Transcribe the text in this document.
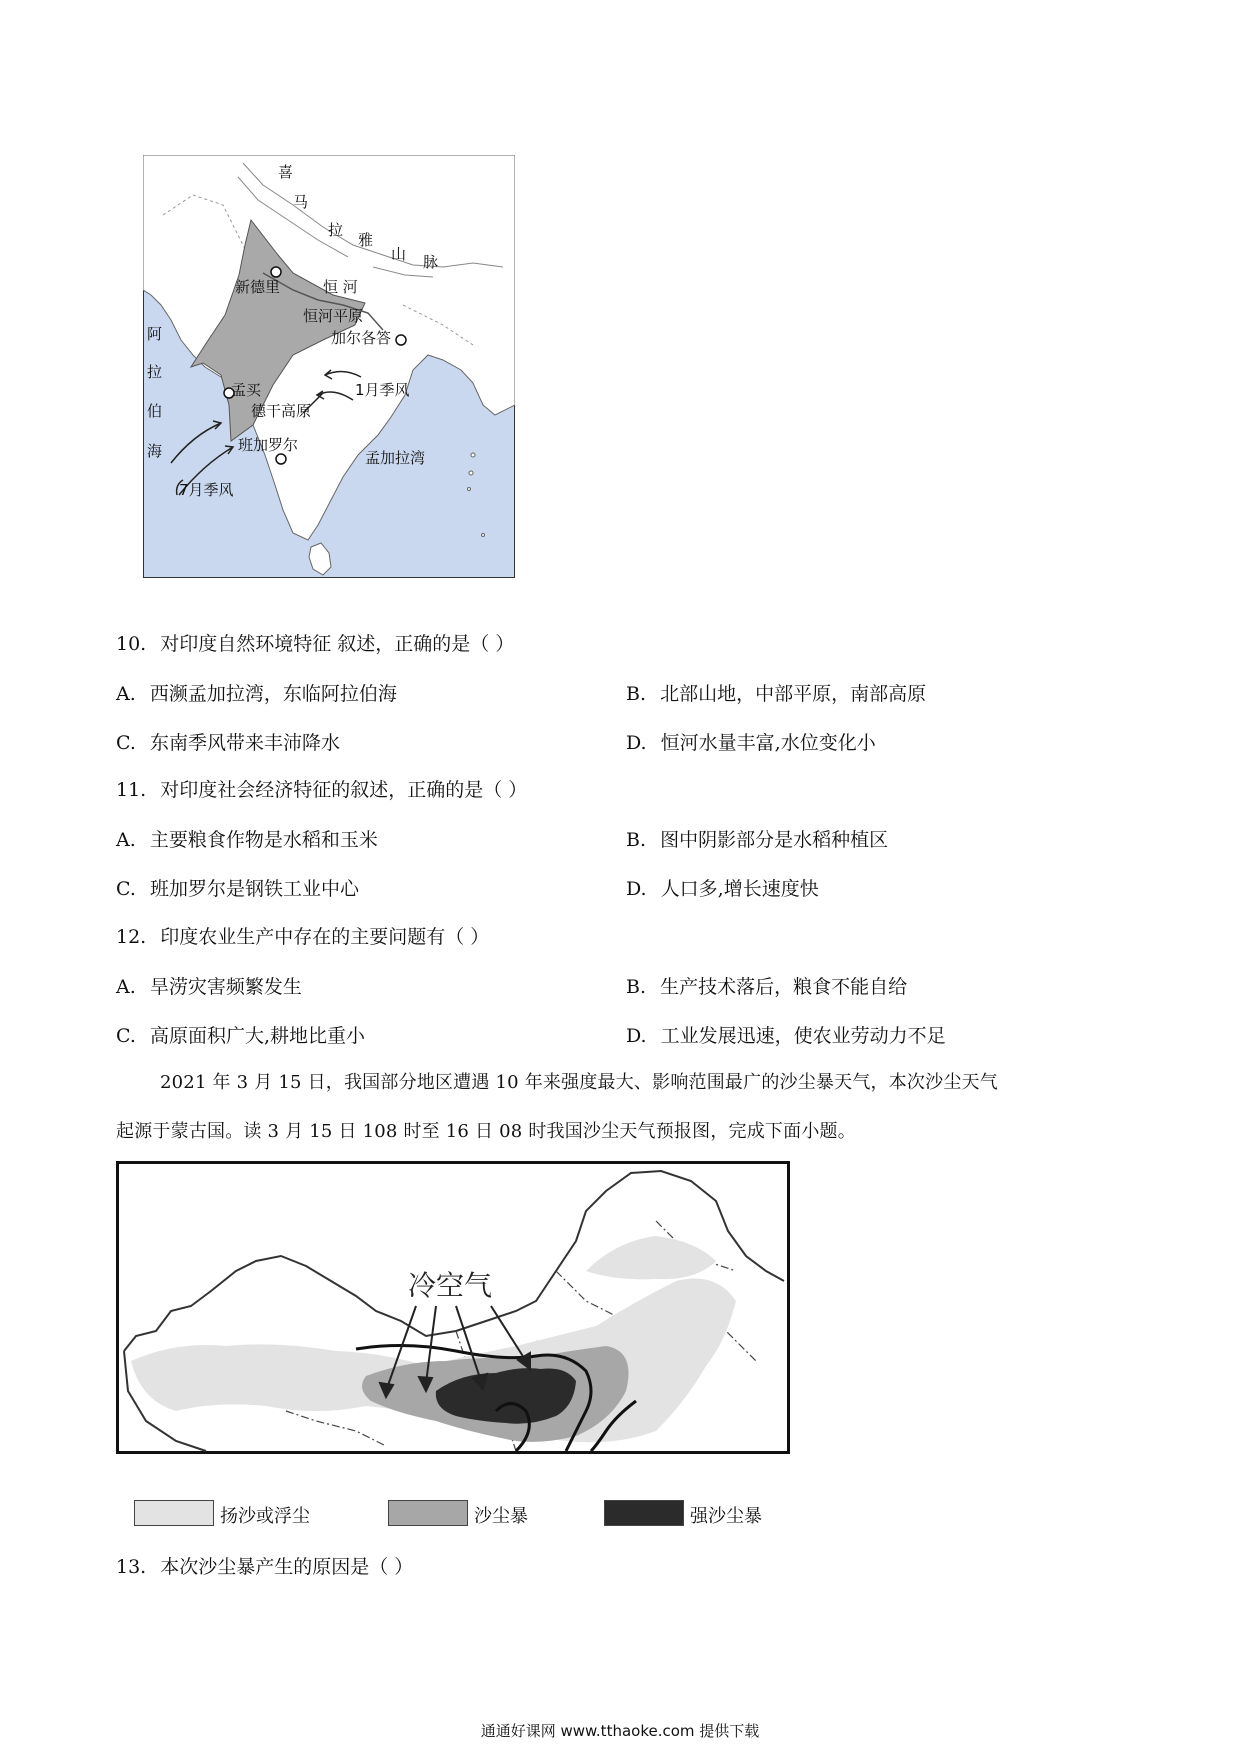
喜
马
拉
雅
山 脉
新德里	恒 河
恒河平原
加尔各答
阿
拉
伯
海
孟买
德干高原
1月季风
班加罗尔
孟加拉湾
7月季风
10. 对印度自然环境特征 叙述，正确的是（ ）
A. 西濒孟加拉湾，东临阿拉伯海	B. 北部山地，中部平原，南部高原
C. 东南季风带来丰沛降水	D. 恒河水量丰富,水位变化小
11. 对印度社会经济特征的叙述，正确的是（ ）
A. 主要粮食作物是水稻和玉米	B. 图中阴影部分是水稻种植区
C. 班加罗尔是钢铁工业中心	D. 人口多,增长速度快
12. 印度农业生产中存在的主要问题有（ ）
A. 旱涝灾害频繁发生	B. 生产技术落后，粮食不能自给
C. 高原面积广大,耕地比重小	D. 工业发展迅速，使农业劳动力不足
2021 年 3 月 15 日，我国部分地区遭遇 10 年来强度最大、影响范围最广的沙尘暴天气，本次沙尘天气
起源于蒙古国。读 3 月 15 日 108 时至 16 日 08 时我国沙尘天气预报图，完成下面小题。
冷空气
扬沙或浮尘	沙尘暴	强沙尘暴
13. 本次沙尘暴产生的原因是（ ）
通通好课网 www.tthaoke.com 提供下载
